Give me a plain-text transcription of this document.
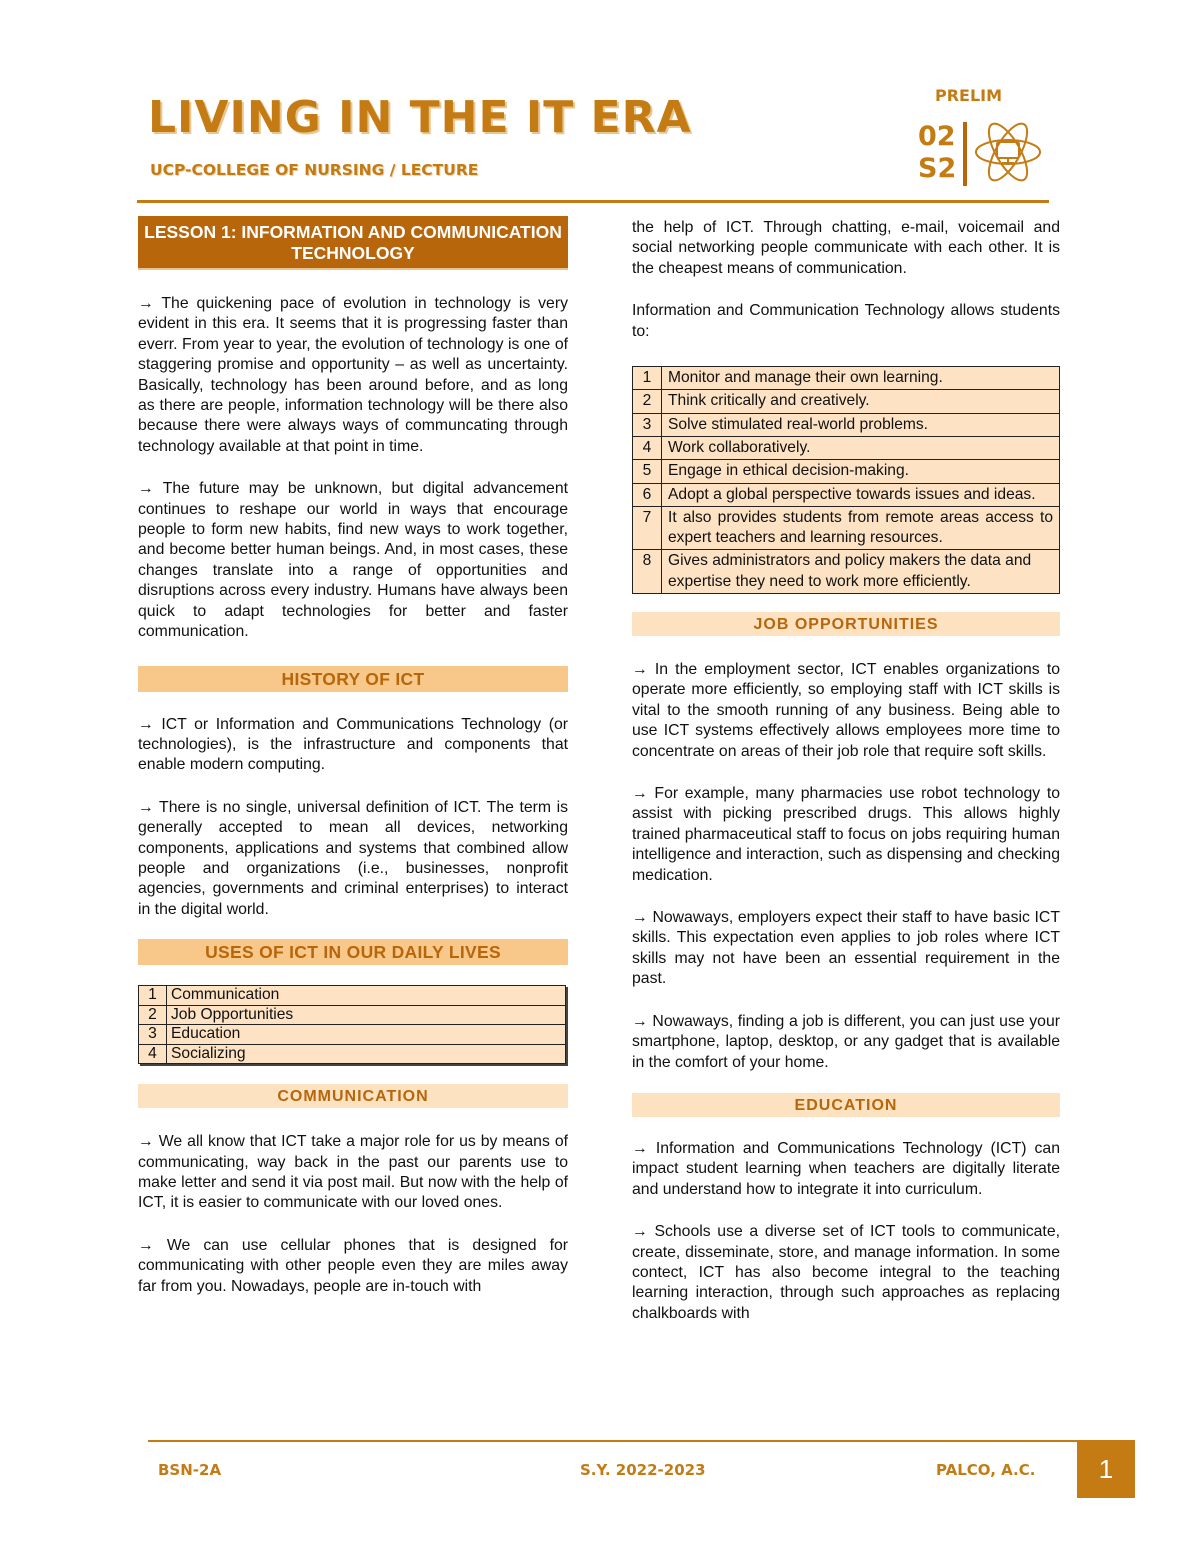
LIVING IN THE IT ERA
UCP-COLLEGE OF NURSING / LECTURE
PRELIM
02
S2
LESSON 1: INFORMATION AND COMMUNICATION TECHNOLOGY

→ The quickening pace of evolution in technology is very evident in this era. It seems that it is progressing faster than everr. From year to year, the evolution of technology is one of staggering promise and opportunity – as well as uncertainty. Basically, technology has been around before, and as long as there are people, information technology will be there also because there were always ways of communcating through technology available at that point in time.

→ The future may be unknown, but digital advancement continues to reshape our world in ways that encourage people to form new habits, find new ways to work together, and become better human beings. And, in most cases, these changes translate into a range of opportunities and disruptions across every industry. Humans have always been quick to adapt technologies for better and faster communication.

HISTORY OF ICT

→ ICT or Information and Communications Technology (or technologies), is the infrastructure and components that enable modern computing.

→ There is no single, universal definition of ICT. The term is generally accepted to mean all devices, networking components, applications and systems that combined allow people and organizations (i.e., businesses, nonprofit agencies, governments and criminal enterprises) to interact in the digital world.

USES OF ICT IN OUR DAILY LIVES
1	Communication
2	Job Opportunities
3	Education
4	Socializing
COMMUNICATION

→ We all know that ICT take a major role for us by means of communicating, way back in the past our parents use to make letter and send it via post mail. But now with the help of ICT, it is easier to communicate with our loved ones.

→ We can use cellular phones that is designed for communicating with other people even they are miles away far from you. Nowadays, people are in-touch with

the help of ICT. Through chatting, e-mail, voicemail and social networking people communicate with each other. It is the cheapest means of communication.

Information and Communication Technology allows students to:

1	Monitor and manage their own learning.
2	Think critically and creatively.
3	Solve stimulated real-world problems.
4	Work collaboratively.
5	Engage in ethical decision-making.
6	Adopt a global perspective towards issues and ideas.
7	It also provides students from remote areas access to expert teachers and learning resources.
8	Gives administrators and policy makers the data and expertise they need to work more efficiently.
JOB OPPORTUNITIES

→ In the employment sector, ICT enables organizations to operate more efficiently, so employing staff with ICT skills is vital to the smooth running of any business. Being able to use ICT systems effectively allows employees more time to concentrate on areas of their job role that require soft skills.

→ For example, many pharmacies use robot technology to assist with picking prescribed drugs. This allows highly trained pharmaceutical staff to focus on jobs requiring human intelligence and interaction, such as dispensing and checking medication.

→ Nowaways, employers expect their staff to have basic ICT skills. This expectation even applies to job roles where ICT skills may not have been an essential requirement in the past.

→ Nowaways, finding a job is different, you can just use your smartphone, laptop, desktop, or any gadget that is available in the comfort of your home.

EDUCATION

→ Information and Communications Technology (ICT) can impact student learning when teachers are digitally literate and understand how to integrate it into curriculum.

→ Schools use a diverse set of ICT tools to communicate, create, disseminate, store, and manage information. In some contect, ICT has also become integral to the teaching learning interaction, through such approaches as replacing chalkboards with

BSN-2A	S.Y. 2022-2023	PALCO, A.C.	1
